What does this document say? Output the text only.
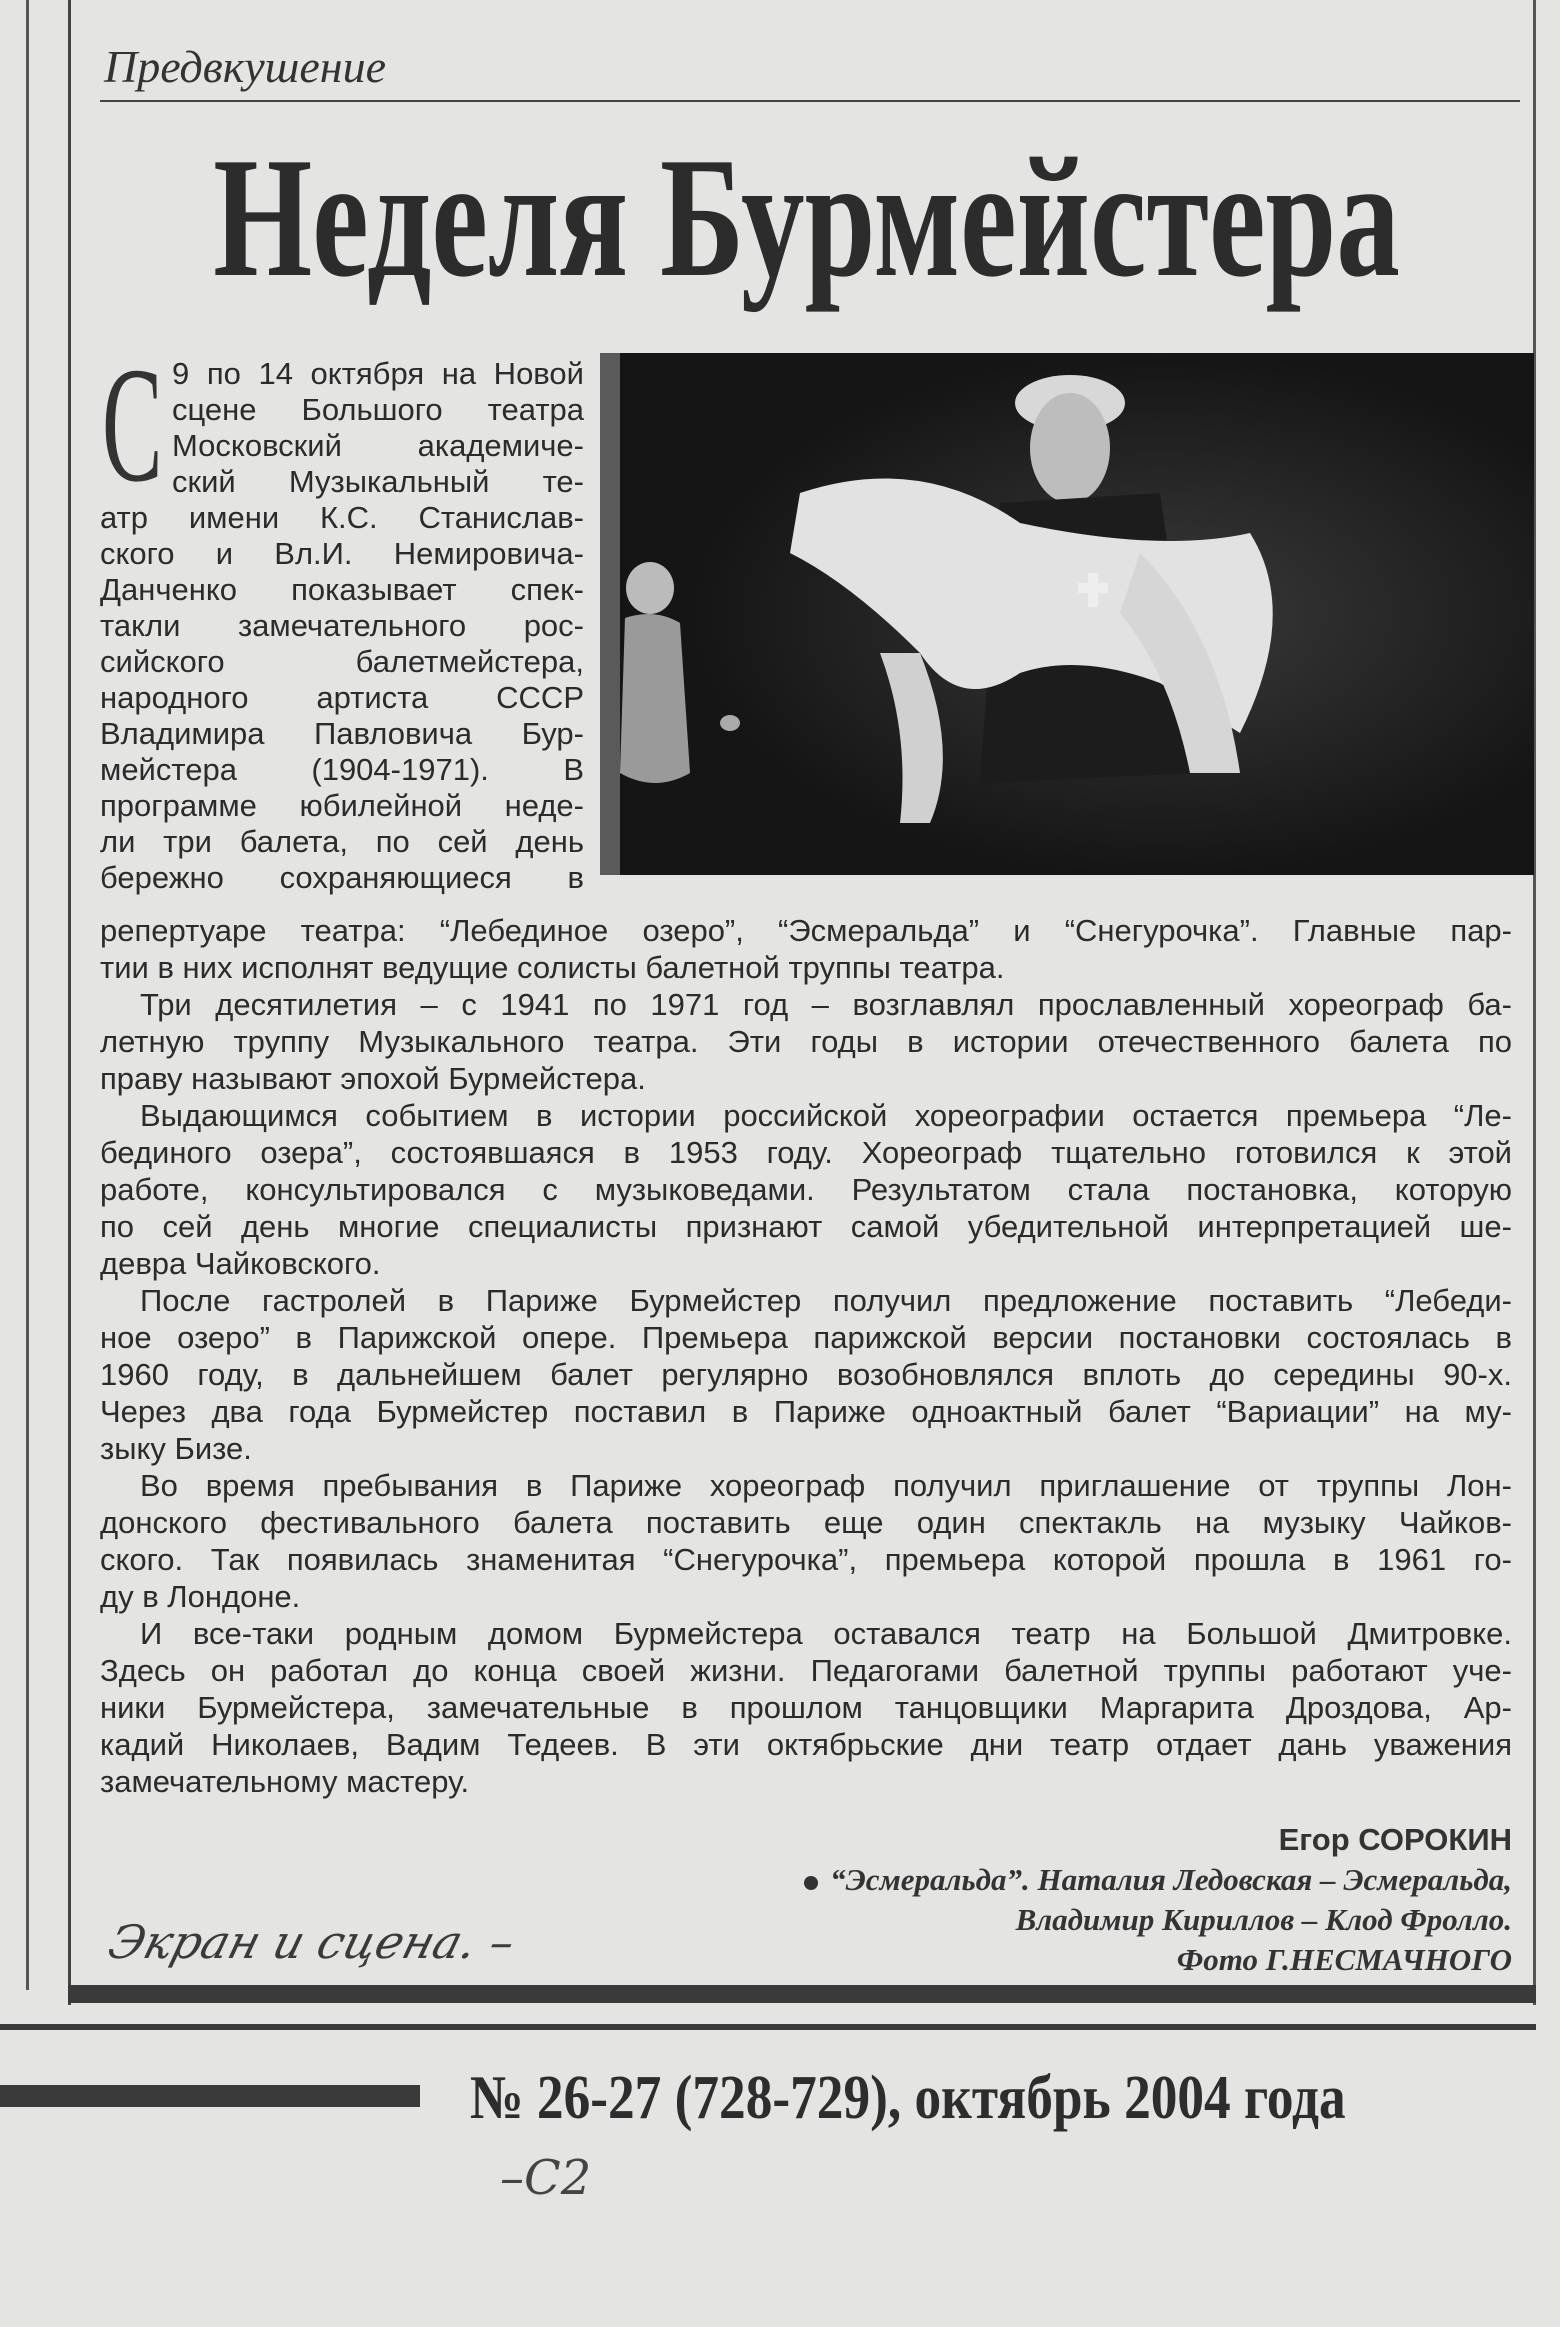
Предвкушение
Неделя Бурмейстера
С 9 по 14 октября на Новой
сцене Большого театра
Московский академиче-
ский Музыкальный те-
атр имени К.С. Станислав-
ского и Вл.И. Немировича-
Данченко показывает спек-
такли замечательного рос-
сийского балетмейстера,
народного артиста СССР
Владимира Павловича Бур-
мейстера (1904-1971). В
программе юбилейной неде-
ли три балета, по сей день
бережно сохраняющиеся в
репертуаре театра: “Лебединое озеро”, “Эсмеральда” и “Снегурочка”. Главные пар-
тии в них исполнят ведущие солисты балетной труппы театра.
Три десятилетия – с 1941 по 1971 год – возглавлял прославленный хореограф ба-
летную труппу Музыкального театра. Эти годы в истории отечественного балета по
праву называют эпохой Бурмейстера.
Выдающимся событием в истории российской хореографии остается премьера “Ле-
бединого озера”, состоявшаяся в 1953 году. Хореограф тщательно готовился к этой
работе, консультировался с музыковедами. Результатом стала постановка, которую
по сей день многие специалисты признают самой убедительной интерпретацией ше-
девра Чайковского.
После гастролей в Париже Бурмейстер получил предложение поставить “Лебеди-
ное озеро” в Парижской опере. Премьера парижской версии постановки состоялась в
1960 году, в дальнейшем балет регулярно возобновлялся вплоть до середины 90-х.
Через два года Бурмейстер поставил в Париже одноактный балет “Вариации” на му-
зыку Бизе.
Во время пребывания в Париже хореограф получил приглашение от труппы Лон-
донского фестивального балета поставить еще один спектакль на музыку Чайков-
ского. Так появилась знаменитая “Снегурочка”, премьера которой прошла в 1961 го-
ду в Лондоне.
И все-таки родным домом Бурмейстера оставался театр на Большой Дмитровке.
Здесь он работал до конца своей жизни. Педагогами балетной труппы работают уче-
ники Бурмейстера, замечательные в прошлом танцовщики Маргарита Дроздова, Ар-
кадий Николаев, Вадим Тедеев. В эти октябрьские дни театр отдает дань уважения
замечательному мастеру.
Егор СОРОКИН
“Эсмеральда”. Наталия Ледовская – Эсмеральда,
Владимир Кириллов – Клод Фролло.
Фото Г.НЕСМАЧНОГО
Экран и сцена. –
№ 26-27 (728-729), октябрь 2004 года
–С2
